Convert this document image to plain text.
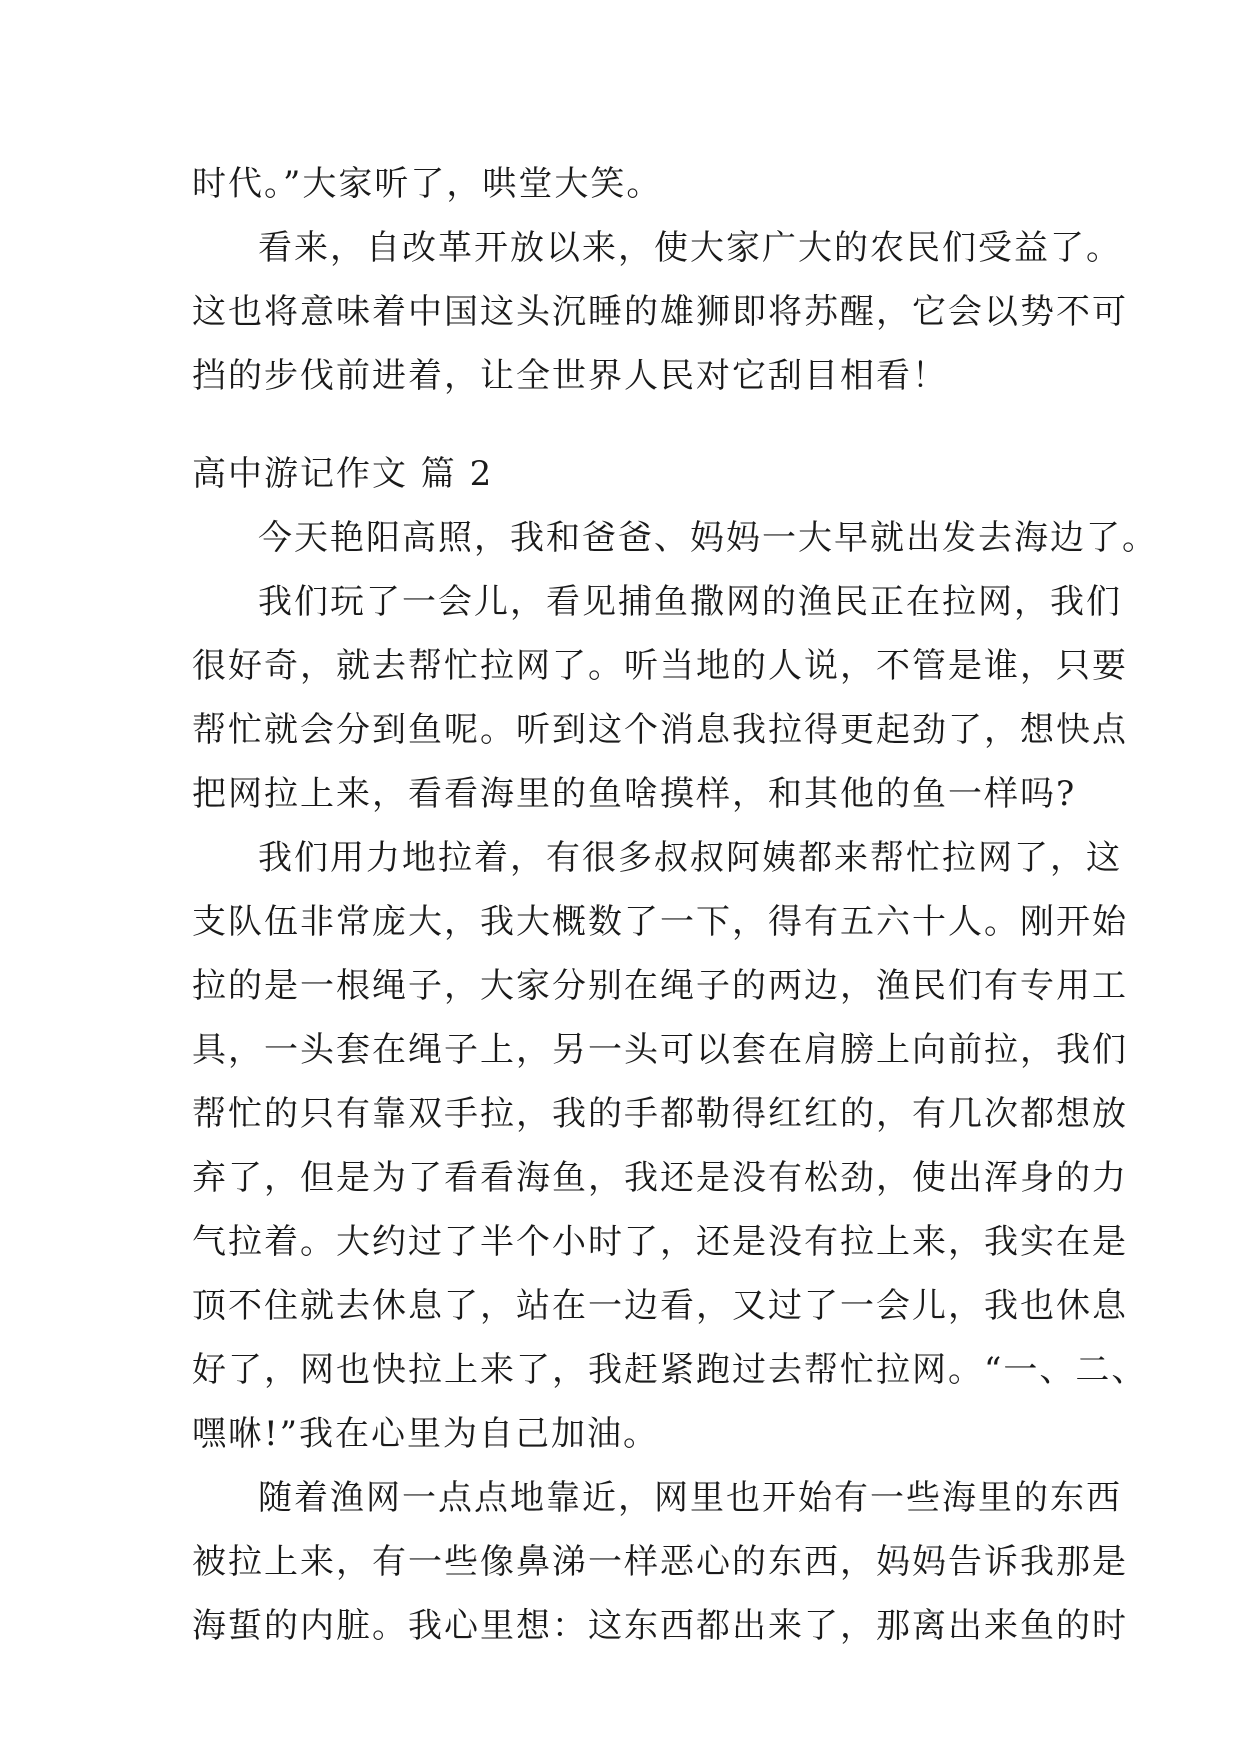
时代。”大家听了，哄堂大笑。
看来，自改革开放以来，使大家广大的农民们受益了。
这也将意味着中国这头沉睡的雄狮即将苏醒，它会以势不可
挡的步伐前进着，让全世界人民对它刮目相看！
高中游记作文 篇 2
今天艳阳高照，我和爸爸、妈妈一大早就出发去海边了。
我们玩了一会儿，看见捕鱼撒网的渔民正在拉网，我们
很好奇，就去帮忙拉网了。听当地的人说，不管是谁，只要
帮忙就会分到鱼呢。听到这个消息我拉得更起劲了，想快点
把网拉上来，看看海里的鱼啥摸样，和其他的鱼一样吗?
我们用力地拉着，有很多叔叔阿姨都来帮忙拉网了，这
支队伍非常庞大，我大概数了一下，得有五六十人。刚开始
拉的是一根绳子，大家分别在绳子的两边，渔民们有专用工
具，一头套在绳子上，另一头可以套在肩膀上向前拉，我们
帮忙的只有靠双手拉，我的手都勒得红红的，有几次都想放
弃了，但是为了看看海鱼，我还是没有松劲，使出浑身的力
气拉着。大约过了半个小时了，还是没有拉上来，我实在是
顶不住就去休息了，站在一边看，又过了一会儿，我也休息
好了，网也快拉上来了，我赶紧跑过去帮忙拉网。“一、二、
嘿咻!”我在心里为自己加油。
随着渔网一点点地靠近，网里也开始有一些海里的东西
被拉上来，有一些像鼻涕一样恶心的东西，妈妈告诉我那是
海蜇的内脏。我心里想：这东西都出来了，那离出来鱼的时
